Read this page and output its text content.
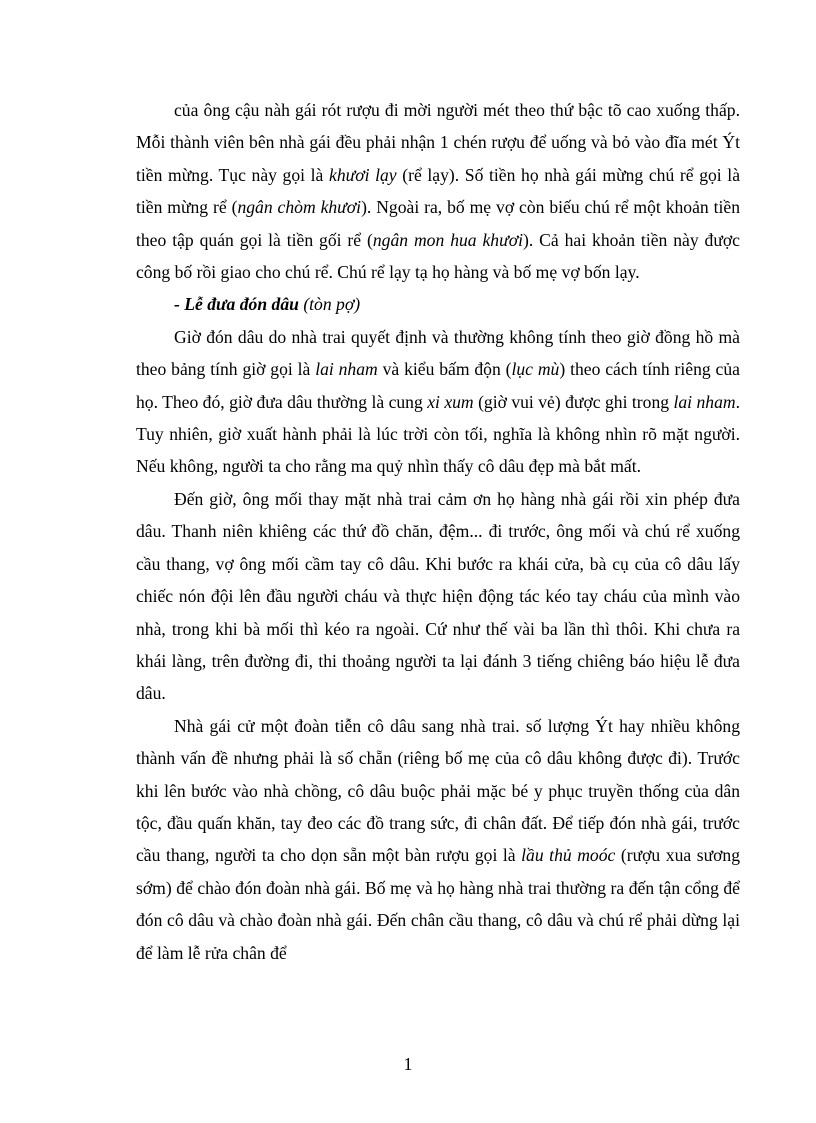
của ông cậu nàh gái rót rượu đi mời người mét theo thứ bậc tõ cao xuống thấp. Mỗi thành viên bên nhà gái đều phải nhận 1 chén rượu để uống và bỏ vào đĩa mét Ýt tiền mừng. Tục này gọi là khươi lạy (rể lạy). Số tiền họ nhà gái mừng chú rể gọi là tiền mừng rể (ngân chòm khươi). Ngoài ra, bố mẹ vợ còn biếu chú rể một khoản tiền theo tập quán gọi là tiền gối rể (ngân mon hua khươi). Cả hai khoản tiền này được công bố rồi giao cho chú rể. Chú rể lạy tạ họ hàng và bố mẹ vợ bốn lạy.

- Lễ đưa đón dâu (tòn pợ)

Giờ đón dâu do nhà trai quyết định và thường không tính theo giờ đồng hồ mà theo bảng tính giờ gọi là lai nham và kiểu bấm độn (lục mù) theo cách tính riêng của họ. Theo đó, giờ đưa dâu thường là cung xi xum (giờ vui vẻ) được ghi trong lai nham. Tuy nhiên, giờ xuất hành phải là lúc trời còn tối, nghĩa là không nhìn rõ mặt người. Nếu không, người ta cho rằng ma quỷ nhìn thấy cô dâu đẹp mà bắt mất.

Đến giờ, ông mối thay mặt nhà trai cảm ơn họ hàng nhà gái rồi xin phép đưa dâu. Thanh niên khiêng các thứ đồ chăn, đệm... đi trước, ông mối và chú rể xuống cầu thang, vợ ông mối cầm tay cô dâu. Khi bước ra khái cửa, bà cụ của cô dâu lấy chiếc nón đội lên đầu người cháu và thực hiện động tác kéo tay cháu của mình vào nhà, trong khi bà mối thì kéo ra ngoài. Cứ như thế vài ba lần thì thôi. Khi chưa ra khái làng, trên đường đi, thi thoảng người ta lại đánh 3 tiếng chiêng báo hiệu lễ đưa dâu.

Nhà gái cử một đoàn tiễn cô dâu sang nhà trai. số lượng Ýt hay nhiều không thành vấn đề nhưng phải là số chẵn (riêng bố mẹ của cô dâu không được đi). Trước khi lên bước vào nhà chồng, cô dâu buộc phải mặc bé y phục truyền thống của dân tộc, đầu quấn khăn, tay đeo các đồ trang sức, đi chân đất. Để tiếp đón nhà gái, trước cầu thang, người ta cho dọn sẵn một bàn rượu gọi là lầu thủ moóc (rượu xua sương sớm) để chào đón đoàn nhà gái. Bố mẹ và họ hàng nhà trai thường ra đến tận cổng để đón cô dâu và chào đoàn nhà gái. Đến chân cầu thang, cô dâu và chú rể phải dừng lại để làm lễ rửa chân để

1
